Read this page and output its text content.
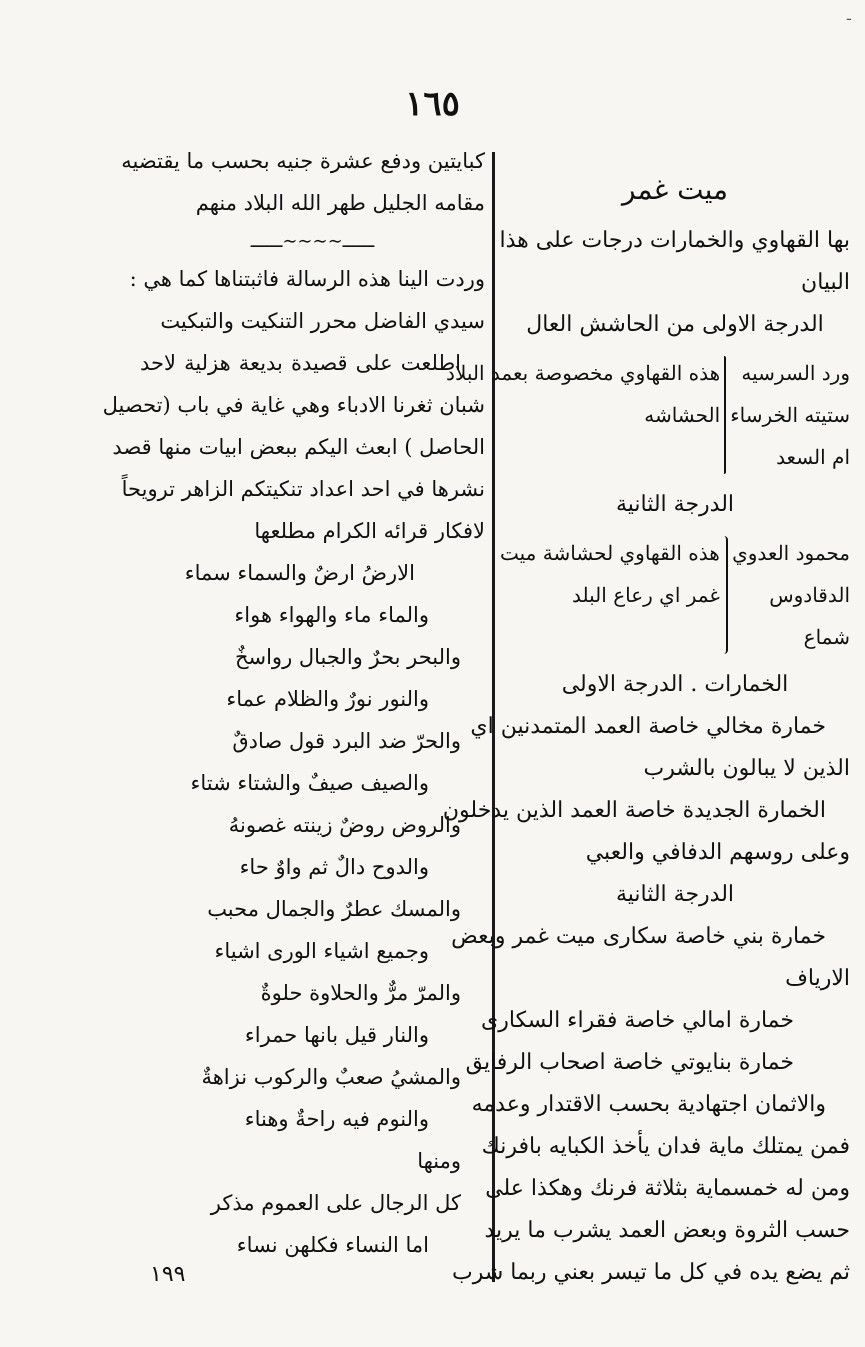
ـ
١٦٥
ميت غمر
بها القهاوي والخمارات درجات على هذا
البيان
الدرجة الاولى من الحاشش العال
ورد السرسيه
ستيته الخرساء
ام السعد
هذه القهاوي مخصوصة بعمد البلاد
الحشاشه
الدرجة الثانية
محمود العدوي
الدقادوس
شماع
هذه القهاوي لحشاشة ميت
غمر اي رعاع البلد
الخمارات . الدرجة الاولى
خمارة مخالي خاصة العمد المتمدنين اي
الذين لا يبالون بالشرب
الخمارة الجديدة خاصة العمد الذين يدخلون
وعلى روسهم الدفافي والعبي
الدرجة الثانية
خمارة بني خاصة سكارى ميت غمر وبعض
الارياف
خمارة امالي خاصة فقراء السكارى
خمارة بنايوتي خاصة اصحاب الرفايق
والاثمان اجتهادية بحسب الاقتدار وعدمه
فمن يمتلك ماية فدان يأخذ الكبايه بافرنك
ومن له خمسماية بثلاثة فرنك وهكذا على
حسب الثروة وبعض العمد يشرب ما يريد
ثم يضع يده في كل ما تيسر بعني ربما شرب
كبايتين ودفع عشرة جنيه بحسب ما يقتضيه
مقامه الجليل طهر الله البلاد منهم
ــــــ∽∽∽∽ــــــ
وردت الينا هذه الرسالة فاثبتناها كما هي :
سيدي الفاضل محرر التنكيت والتبكيت
اطلعت على قصيدة بديعة هزلية لاحد
شبان ثغرنا الادباء وهي غاية في باب (تحصيل
الحاصل ) ابعث اليكم ببعض ابيات منها قصد
نشرها في احد اعداد تنكيتكم الزاهر ترويحاً
لافكار قرائه الكرام مطلعها
الارضُ ارضٌ والسماء سماء
والماء ماء والهواء هواء
والبحر بحرٌ والجبال رواسخٌ
والنور نورٌ والظلام عماء
والحرّ ضد البرد قول صادقٌ
والصيف صيفٌ والشتاء شتاء
والروض روضٌ زينته غصونهُ
والدوح دالٌ ثم واوٌ حاء
والمسك عطرٌ والجمال محبب
وجميع اشياء الورى اشياء
والمرّ مرٌّ والحلاوة حلوةٌ
والنار قيل بانها حمراء
والمشيُ صعبٌ والركوب نزاهةٌ
والنوم فيه راحةٌ وهناء
ومنها
كل الرجال على العموم مذكر
اما النساء فكلهن نساء
١٩٩
